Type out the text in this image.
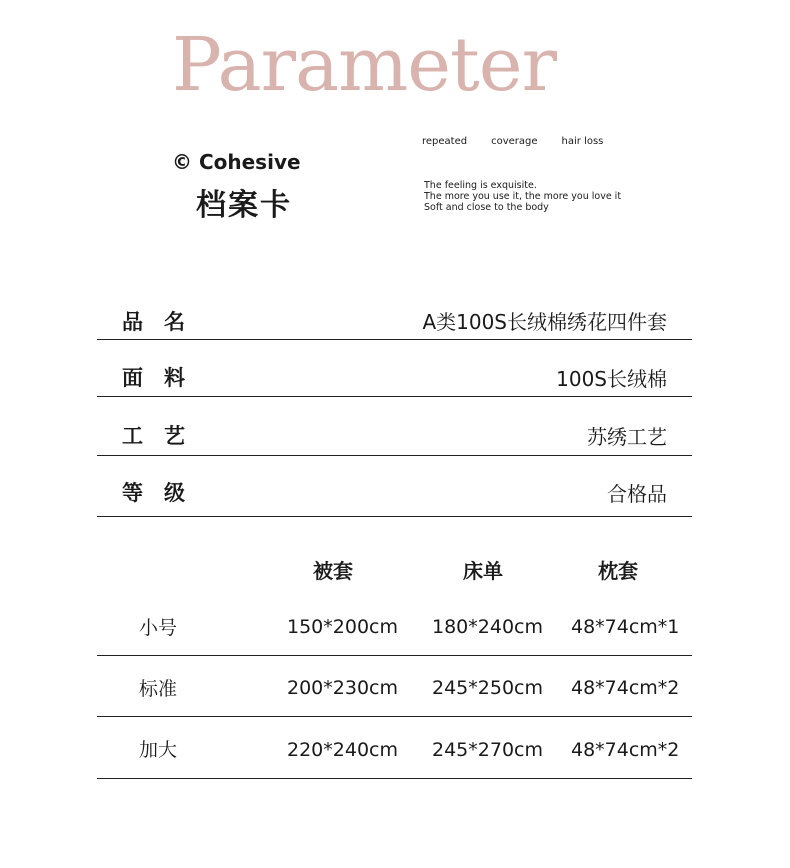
Parameter
© Cohesive
档案卡
repeated coverage hair loss
The feeling is exquisite.
The more you use it, the more you love it
Soft and close to the body
品　名	A类100S长绒棉绣花四件套
面　料	100S长绒棉
工　艺	苏绣工艺
等　级	合格品
被套	床单	枕套
小号	150*200cm 180*240cm 48*74cm*1
标准	200*230cm 245*250cm 48*74cm*2
加大	220*240cm 245*270cm 48*74cm*2
